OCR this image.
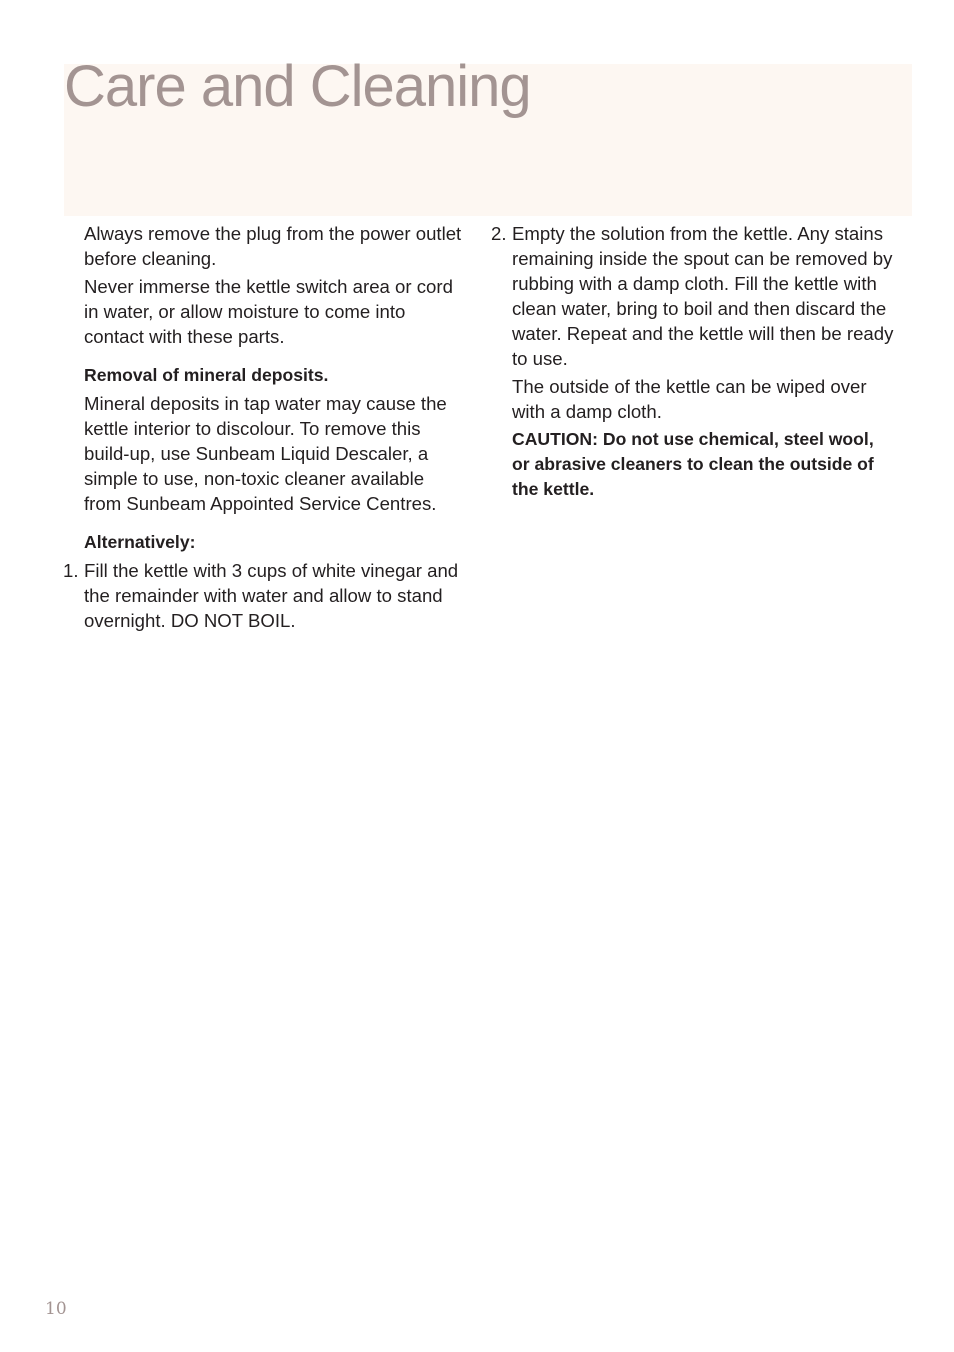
Care and Cleaning

Always remove the plug from the power outlet before cleaning.

Never immerse the kettle switch area or cord in water, or allow moisture to come into contact with these parts.

Removal of mineral deposits.

Mineral deposits in tap water may cause the kettle interior to discolour. To remove this build-up, use Sunbeam Liquid Descaler, a simple to use, non-toxic cleaner available from Sunbeam Appointed Service Centres.

Alternatively:

1. Fill the kettle with 3 cups of white vinegar and the remainder with water and allow to stand overnight. DO NOT BOIL.
2. Empty the solution from the kettle. Any stains remaining inside the spout can be removed by rubbing with a damp cloth. Fill the kettle with clean water, bring to boil and then discard the water. Repeat and the kettle will then be ready to use.

The outside of the kettle can be wiped over with a damp cloth.

CAUTION: Do not use chemical, steel wool, or abrasive cleaners to clean the outside of the kettle.

10
